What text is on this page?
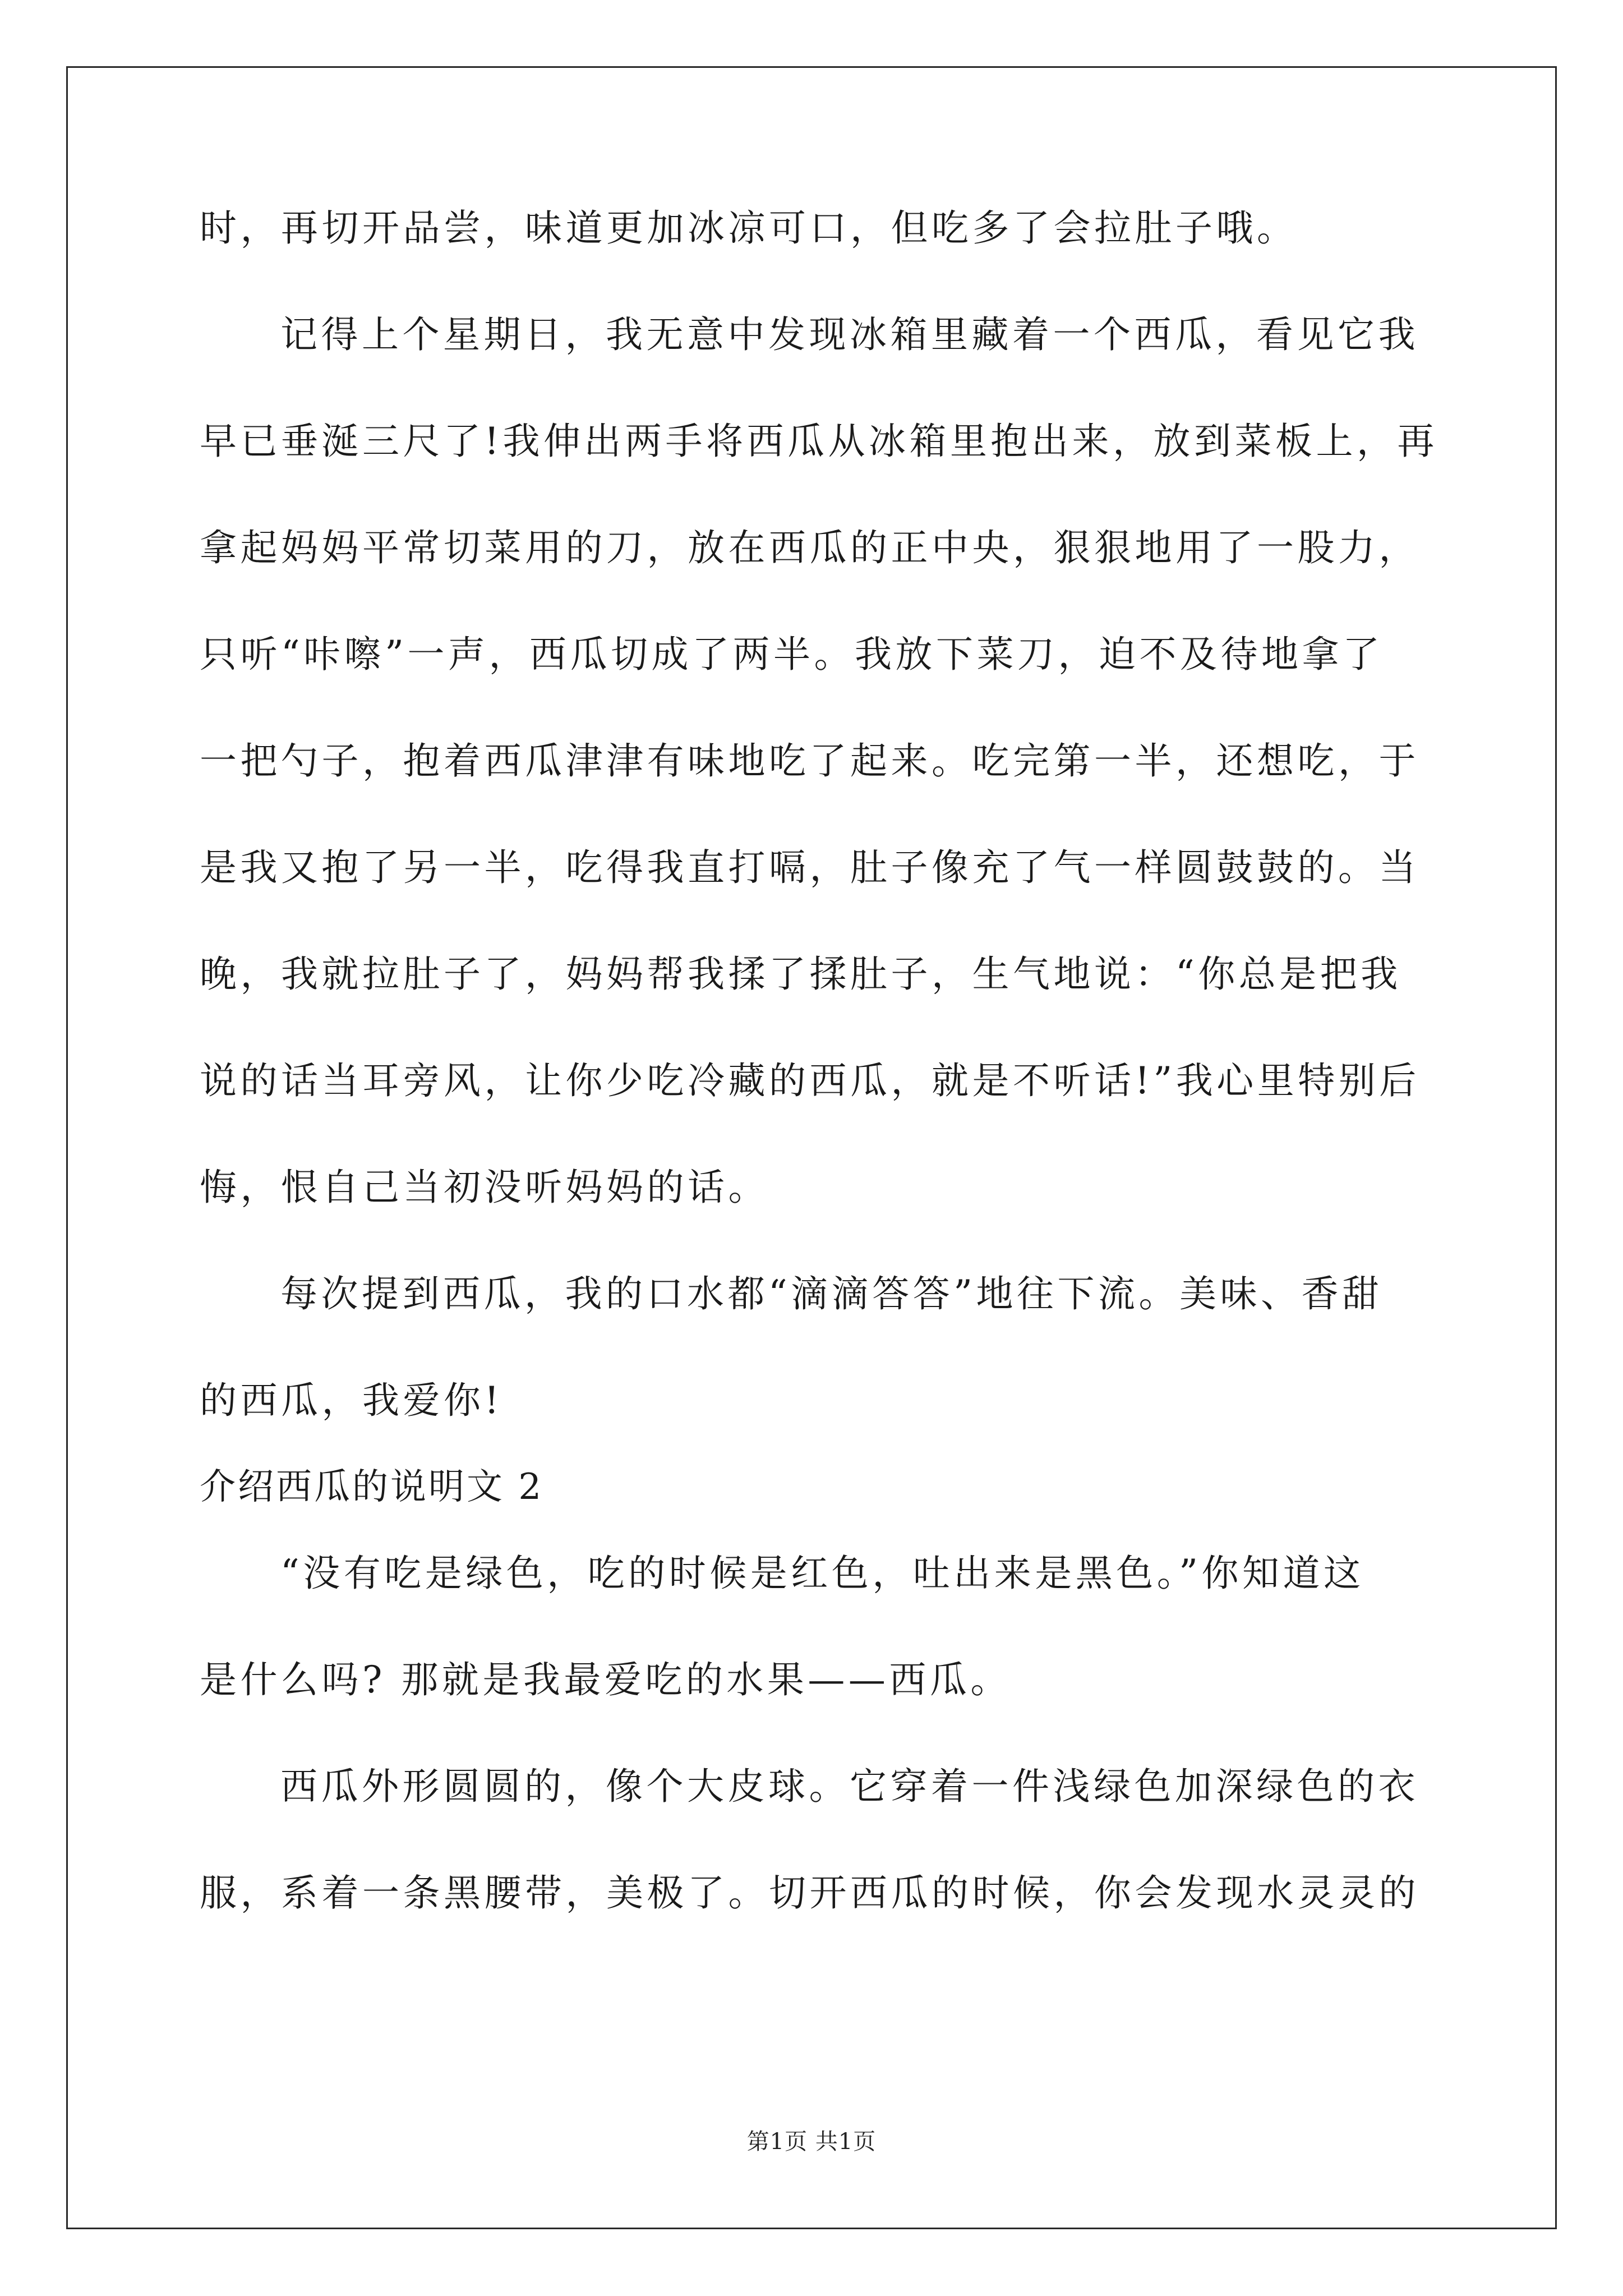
时，再切开品尝，味道更加冰凉可口，但吃多了会拉肚子哦。
记得上个星期日，我无意中发现冰箱里藏着一个西瓜，看见它我
早已垂涎三尺了!我伸出两手将西瓜从冰箱里抱出来，放到菜板上，再
拿起妈妈平常切菜用的刀，放在西瓜的正中央，狠狠地用了一股力，
只听“咔嚓”一声，西瓜切成了两半。我放下菜刀，迫不及待地拿了
一把勺子，抱着西瓜津津有味地吃了起来。吃完第一半，还想吃，于
是我又抱了另一半，吃得我直打嗝，肚子像充了气一样圆鼓鼓的。当
晚，我就拉肚子了，妈妈帮我揉了揉肚子，生气地说：“你总是把我
说的话当耳旁风，让你少吃冷藏的西瓜，就是不听话!”我心里特别后
悔，恨自己当初没听妈妈的话。
每次提到西瓜，我的口水都“滴滴答答”地往下流。美味、香甜
的西瓜，我爱你!
介绍西瓜的说明文 2
“没有吃是绿色，吃的时候是红色，吐出来是黑色。”你知道这
是什么吗? 那就是我最爱吃的水果——西瓜。
西瓜外形圆圆的，像个大皮球。它穿着一件浅绿色加深绿色的衣
服，系着一条黑腰带，美极了。切开西瓜的时候，你会发现水灵灵的
第1页 共1页
